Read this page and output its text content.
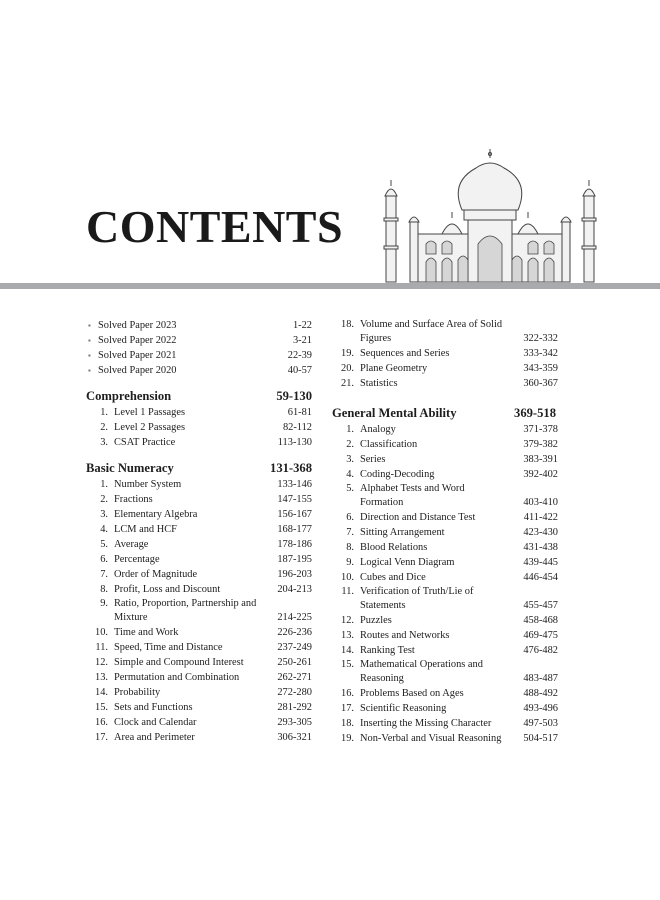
CONTENTS
▪ Solved Paper 2023	1-22
▪ Solved Paper 2022	3-21
▪ Solved Paper 2021	22-39
▪ Solved Paper 2020	40-57
Comprehension	59-130
1. Level 1 Passages	61-81
2. Level 2 Passages	82-112
3. CSAT Practice	113-130
Basic Numeracy	131-368
1. Number System	133-146
2. Fractions	147-155
3. Elementary Algebra	156-167
4. LCM and HCF	168-177
5. Average	178-186
6. Percentage	187-195
7. Order of Magnitude	196-203
8. Profit, Loss and Discount	204-213
9. Ratio, Proportion, Partnership and Mixture	214-225
10. Time and Work	226-236
11. Speed, Time and Distance	237-249
12. Simple and Compound Interest	250-261
13. Permutation and Combination	262-271
14. Probability	272-280
15. Sets and Functions	281-292
16. Clock and Calendar	293-305
17. Area and Perimeter	306-321
18. Volume and Surface Area of Solid Figures	322-332
19. Sequences and Series	333-342
20. Plane Geometry	343-359
21. Statistics	360-367
General Mental Ability	369-518
1. Analogy	371-378
2. Classification	379-382
3. Series	383-391
4. Coding-Decoding	392-402
5. Alphabet Tests and Word Formation	403-410
6. Direction and Distance Test	411-422
7. Sitting Arrangement	423-430
8. Blood Relations	431-438
9. Logical Venn Diagram	439-445
10. Cubes and Dice	446-454
11. Verification of Truth/Lie of Statements	455-457
12. Puzzles	458-468
13. Routes and Networks	469-475
14. Ranking Test	476-482
15. Mathematical Operations and Reasoning	483-487
16. Problems Based on Ages	488-492
17. Scientific Reasoning	493-496
18. Inserting the Missing Character	497-503
19. Non-Verbal and Visual Reasoning	504-517
